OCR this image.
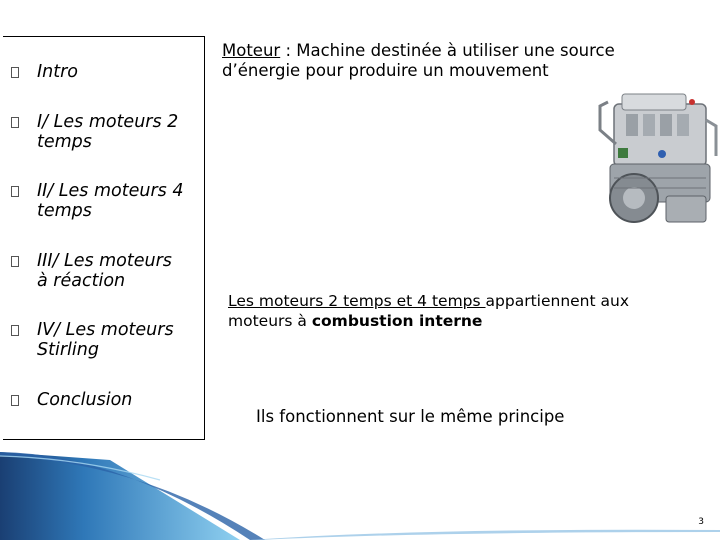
Intro
I/ Les moteurs 2
temps
II/ Les moteurs 4
temps
III/ Les moteurs
à réaction
IV/ Les moteurs
Stirling
Conclusion
Moteur : Machine destinée à utiliser une source d’énergie pour produire un mouvement
Les moteurs 2 temps et 4 temps appartiennent aux moteurs à combustion interne
Ils fonctionnent sur le même principe
3
